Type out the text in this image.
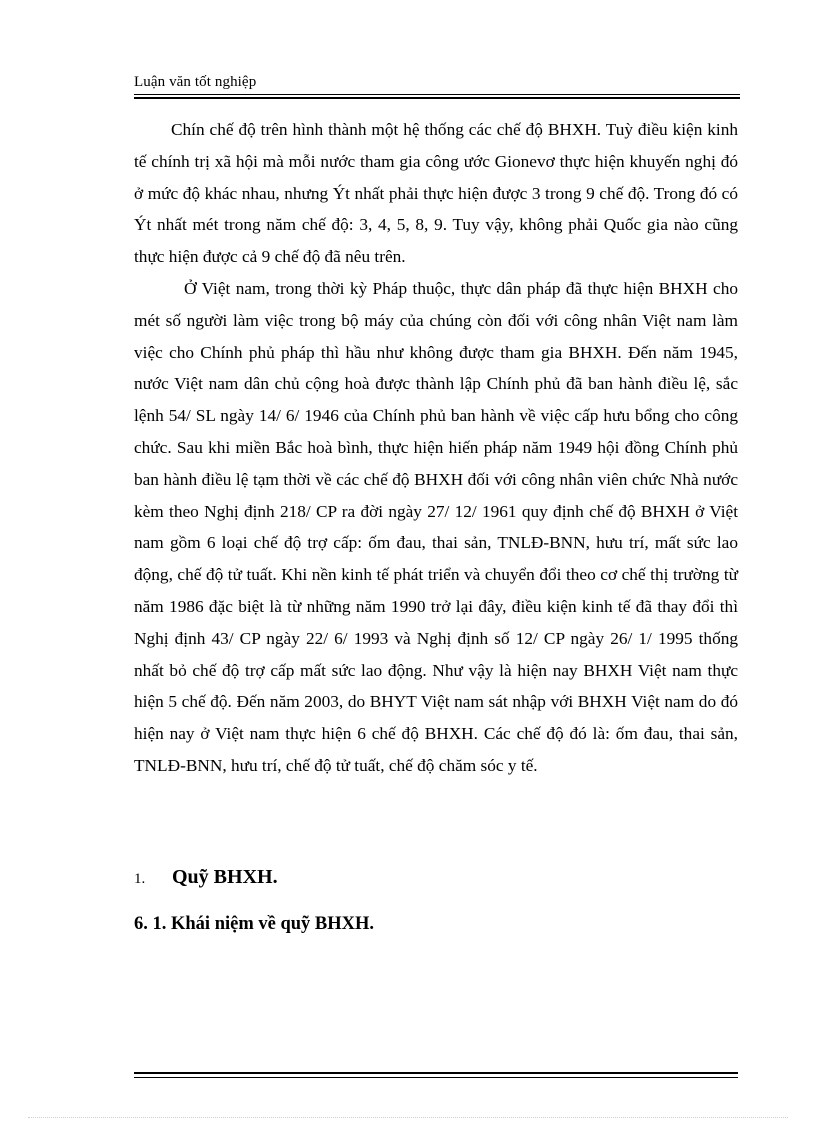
Luận văn tốt nghiệp

Chín chế độ trên hình thành một hệ thống các chế độ BHXH. Tuỳ điều kiện kinh tế chính trị xã hội mà mỗi nước tham gia công ước Gionevơ thực hiện khuyến nghị đó ở mức độ khác nhau, nhưng Ýt nhất phải thực hiện được 3 trong 9 chế độ. Trong đó có Ýt nhất mét trong năm chế độ: 3, 4, 5, 8, 9. Tuy vậy, không phải Quốc gia nào cũng thực hiện được cả 9 chế độ đã nêu trên.

Ở Việt nam, trong thời kỳ Pháp thuộc, thực dân pháp đã thực hiện BHXH cho mét số người làm việc trong bộ máy của chúng còn đối với công nhân Việt nam làm việc cho Chính phủ pháp thì hầu như không được tham gia BHXH. Đến năm 1945, nước Việt nam dân chủ cộng hoà được thành lập Chính phủ đã ban hành điều lệ, sắc lệnh 54/ SL ngày 14/ 6/ 1946 của Chính phủ ban hành về việc cấp hưu bổng cho công chức. Sau khi miền Bắc hoà bình, thực hiện hiến pháp năm 1949 hội đồng Chính phủ ban hành điều lệ tạm thời về các chế độ BHXH đối với công nhân viên chức Nhà nước kèm theo Nghị định 218/ CP ra đời ngày 27/ 12/ 1961 quy định chế độ BHXH ở Việt nam gồm 6 loại chế độ trợ cấp: ốm đau, thai sản, TNLĐ-BNN, hưu trí, mất sức lao động, chế độ tử tuất. Khi nền kinh tế phát triển và chuyển đổi theo cơ chế thị trường từ năm 1986 đặc biệt là từ những năm 1990 trở lại đây, điều kiện kinh tế đã thay đổi thì Nghị định 43/ CP ngày 22/ 6/ 1993 và Nghị định số 12/ CP ngày 26/ 1/ 1995 thống nhất bỏ chế độ trợ cấp mất sức lao động. Như vậy là hiện nay BHXH Việt nam thực hiện 5 chế độ. Đến năm 2003, do BHYT Việt nam sát nhập với BHXH Việt nam do đó hiện nay ở Việt nam thực hiện 6 chế độ BHXH. Các chế độ đó là: ốm đau, thai sản, TNLĐ-BNN, hưu trí, chế độ tử tuất, chế độ chăm sóc y tế.

1. Quỹ BHXH.
6. 1. Khái niệm về quỹ BHXH.
